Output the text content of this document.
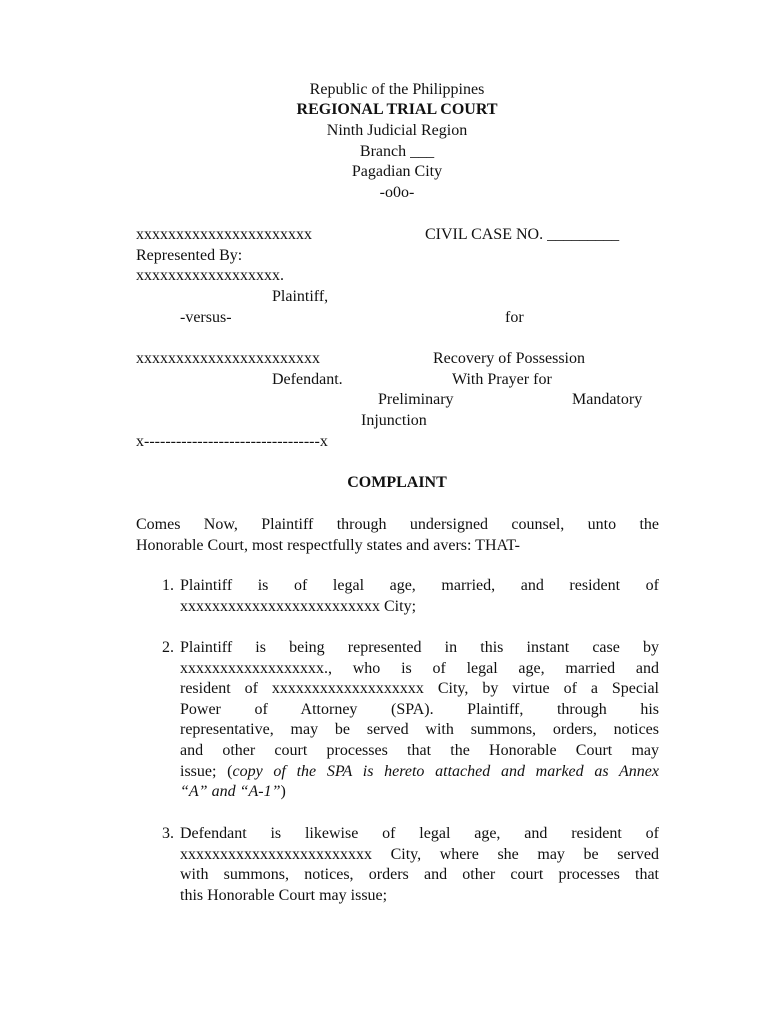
Republic of the Philippines
REGIONAL TRIAL COURT
Ninth Judicial Region
Branch ___
Pagadian City
-o0o-
xxxxxxxxxxxxxxxxxxxxxx	CIVIL CASE NO. _________
Represented By:
xxxxxxxxxxxxxxxxxx.
Plaintiff,
-versus-	for
xxxxxxxxxxxxxxxxxxxxxxx	Recovery of Possession
Defendant.	With Prayer for
Preliminary	Mandatory
Injunction
x---------------------------------x
COMPLAINT
Comes Now, Plaintiff through undersigned counsel, unto the
Honorable Court, most respectfully states and avers: THAT-
1. Plaintiff is of legal age, married, and resident of
xxxxxxxxxxxxxxxxxxxxxxxxx City;
2. Plaintiff is being represented in this instant case by
xxxxxxxxxxxxxxxxxx., who is of legal age, married and
resident of xxxxxxxxxxxxxxxxxxx City, by virtue of a Special
Power of Attorney (SPA). Plaintiff, through his
representative, may be served with summons, orders, notices
and other court processes that the Honorable Court may
issue; (copy of the SPA is hereto attached and marked as Annex
“A” and “A-1”)
3. Defendant is likewise of legal age, and resident of
xxxxxxxxxxxxxxxxxxxxxxxx City, where she may be served
with summons, notices, orders and other court processes that
this Honorable Court may issue;
